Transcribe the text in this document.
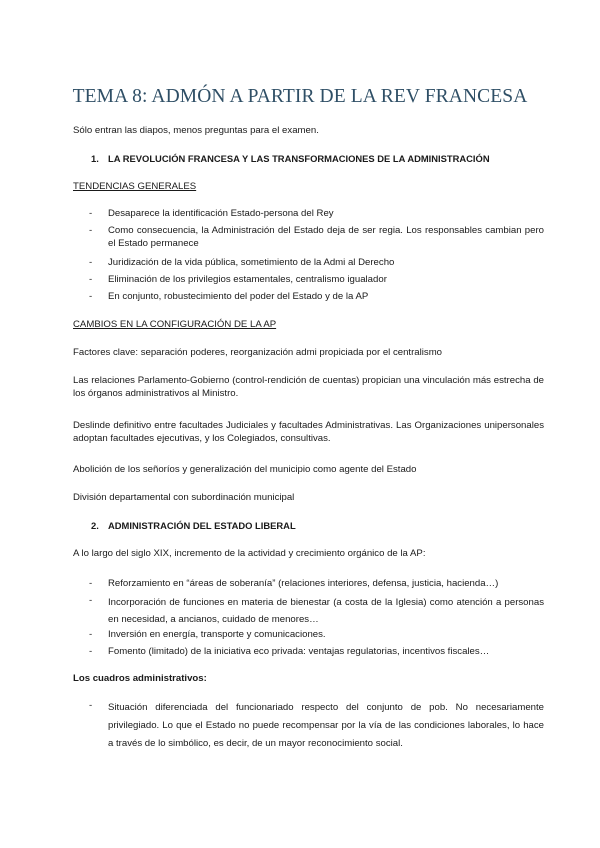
TEMA 8: ADMÓN A PARTIR DE LA REV FRANCESA
Sólo entran las diapos, menos preguntas para el examen.
1. LA REVOLUCIÓN FRANCESA Y LAS TRANSFORMACIONES DE LA ADMINISTRACIÓN
TENDENCIAS GENERALES
- Desaparece la identificación Estado-persona del Rey
- Como consecuencia, la Administración del Estado deja de ser regia. Los responsables cambian pero el Estado permanece
- Juridización de la vida pública, sometimiento de la Admi al Derecho
- Eliminación de los privilegios estamentales, centralismo igualador
- En conjunto, robustecimiento del poder del Estado y de la AP
CAMBIOS EN LA CONFIGURACIÓN DE LA AP
Factores clave: separación poderes, reorganización admi propiciada por el centralismo
Las relaciones Parlamento-Gobierno (control-rendición de cuentas) propician una vinculación más estrecha de los órganos administrativos al Ministro.
Deslinde definitivo entre facultades Judiciales y facultades Administrativas. Las Organizaciones unipersonales adoptan facultades ejecutivas, y los Colegiados, consultivas.
Abolición de los señoríos y generalización del municipio como agente del Estado
División departamental con subordinación municipal
2. ADMINISTRACIÓN DEL ESTADO LIBERAL
A lo largo del siglo XIX, incremento de la actividad y crecimiento orgánico de la AP:
- Reforzamiento en “áreas de soberanía” (relaciones interiores, defensa, justicia, hacienda…)
- Incorporación de funciones en materia de bienestar (a costa de la Iglesia) como atención a personas en necesidad, a ancianos, cuidado de menores…
- Inversión en energía, transporte y comunicaciones.
- Fomento (limitado) de la iniciativa eco privada: ventajas regulatorias, incentivos fiscales…
Los cuadros administrativos:
- Situación diferenciada del funcionariado respecto del conjunto de pob. No necesariamente privilegiado. Lo que el Estado no puede recompensar por la vía de las condiciones laborales, lo hace a través de lo simbólico, es decir, de un mayor reconocimiento social.
